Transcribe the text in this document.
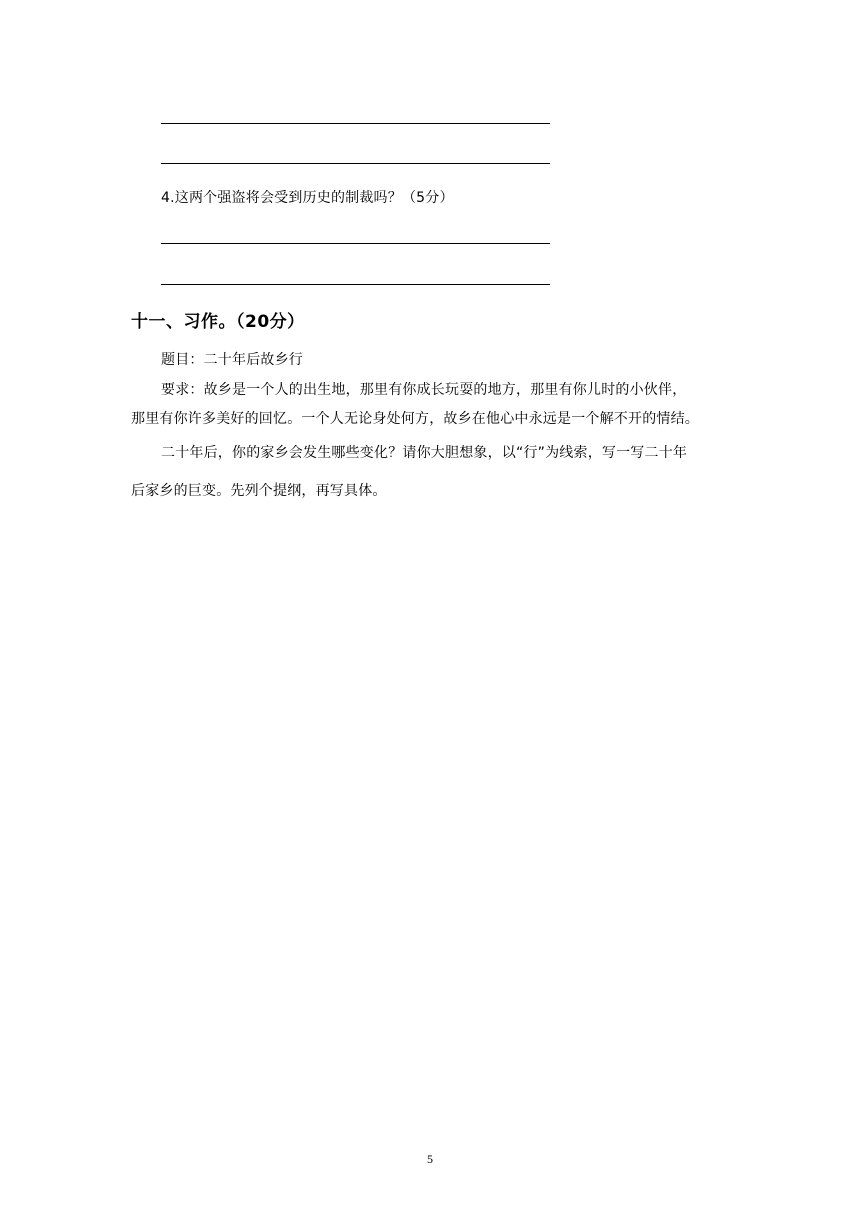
4.这两个强盗将会受到历史的制裁吗？（5分）
十一、习作。（20分）
题目：二十年后故乡行
要求：故乡是一个人的出生地，那里有你成长玩耍的地方，那里有你儿时的小伙伴，
那里有你许多美好的回忆。一个人无论身处何方，故乡在他心中永远是一个解不开的情结。
二十年后，你的家乡会发生哪些变化？请你大胆想象，以“行”为线索，写一写二十年
后家乡的巨变。先列个提纲，再写具体。
5
